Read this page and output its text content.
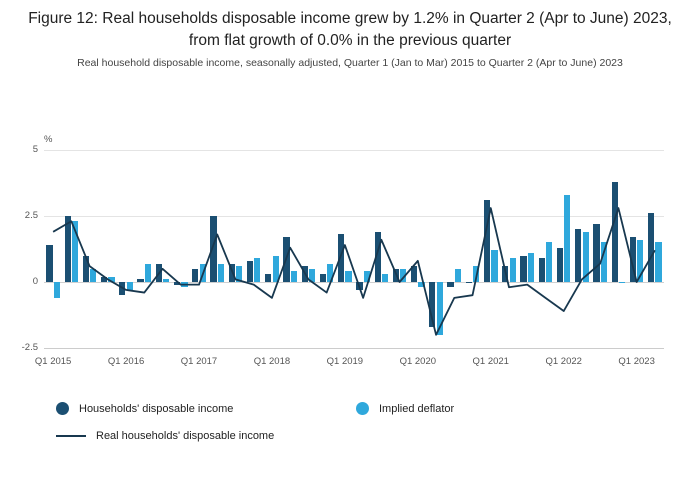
Figure 12: Real households disposable income grew by 1.2% in Quarter 2 (Apr to June) 2023, from flat growth of 0.0% in the previous quarter
Real household disposable income, seasonally adjusted, Quarter 1 (Jan to Mar) 2015 to Quarter 2 (Apr to June) 2023
%
-2.5
0
2.5
5
Q1 2015	Q1 2016	Q1 2017	Q1 2018	Q1 2019	Q1 2020	Q1 2021	Q1 2022	Q1 2023
Households' disposable income	Implied deflator
Real households' disposable income
